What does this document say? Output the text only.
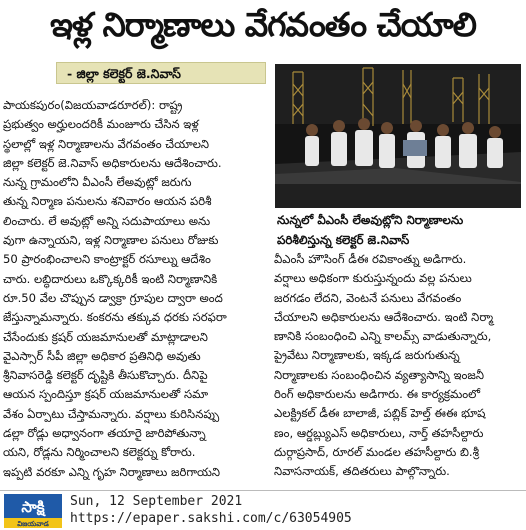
ఇళ్ల నిర్మాణాలు వేగవంతం చేయాలి
- జిల్లా కలెక్టర్ జె.నివాస్
పాయకపురం(విజయవాడరూరల్): రాష్ట్ర
ప్రభుత్వం అర్హులందరికీ మంజూరు చేసిన ఇళ్ల
స్థలాల్లో ఇళ్ల నిర్మాణాలను వేగవంతం చేయాలని
జిల్లా కలెక్టర్ జె.నివాస్ అధికారులను ఆదేశించారు.
నున్న గ్రామంలోని వీఎంసీ లేఅవుట్లో జరుగు
తున్న నిర్మాణ పనులను శనివారం ఆయన పరిశీ
లించారు. లే అవుట్లో అన్ని సదుపాయాలు అను
వుగా ఉన్నాయని, ఇళ్ల నిర్మాణాల పనులు రోజుకు
50 ప్రారంభించాలని కాంట్రాక్టర్ రసూల్ను ఆదేశిం
చారు. లబ్ధిదారులు ఒక్కొక్కరికీ ఇంటి నిర్మాణానికి
రూ.50 వేల చొప్పున డ్వాక్రా గ్రూపుల ద్వారా అంద
జేస్తున్నామన్నారు. కంకరను తక్కువ ధరకు సరఫరా
చేసేందుకు క్రషర్ యజమానులతో మాట్లాడాలని
వైఎస్సార్ సీపీ జిల్లా అధికార ప్రతినిధి అవుతు
శ్రీనివాసరెడ్డి కలెక్టర్ దృష్టికి తీసుకొచ్చారు. దీనిపై
ఆయన స్పందిస్తూ క్రషర్ యజమానులతో సమా
వేశం ఏర్పాటు చేస్తామన్నారు. వర్షాలు కురిసినప్పు
డల్లా రోడ్లు అధ్వానంగా తయారై జారిపోతున్నా
యని, రోడ్లను నిర్మించాలని కలెక్టర్ను కోరారు.
ఇప్పటి వరకూ ఎన్ని గృహ నిర్మాణాలు జరిగాయని
నున్నలో వీఎంసీ లేఅవుట్లోని నిర్మాణాలను
పరిశీలిస్తున్న కలెక్టర్ జె.నివాస్
వీఎంసీ హౌసింగ్ డీఈ రవికాంత్ను అడిగారు.
వర్షాలు అధికంగా కురుస్తున్నందు వల్ల పనులు
జరగడం లేదని, వెంటనే పనులు వేగవంతం
చేయాలని అధికారులను ఆదేశించారు. ఇంటి నిర్మా
ణానికి సంబంధించి ఎన్ని కాలమ్స్ వాడుతున్నారు,
ప్రైవేటు నిర్మాణాలకు, ఇక్కడ జరుగుతున్న
నిర్మాణాలకు సంబంధించిన వ్యత్యాసాన్ని ఇంజనీ
రింగ్ అధికారులను అడిగారు. ఈ కార్యక్రమంలో
ఎలక్ట్రికల్ డీఈ బాలాజీ, పబ్లిక్ హెల్త్ ఈఈ భూష
ణం, ఆర్డబ్ల్యుఎస్ అధికారులు, నార్త్ తహసీల్దారు
దుర్గాప్రసాద్, రూరల్ మండల తహసీల్దారు బి.శ్రీ
నివాసనాయక్, తదితరులు పాల్గొన్నారు.
సాక్షి
విజయవాడ
Sun, 12 September 2021
https://epaper.sakshi.com/c/63054905
